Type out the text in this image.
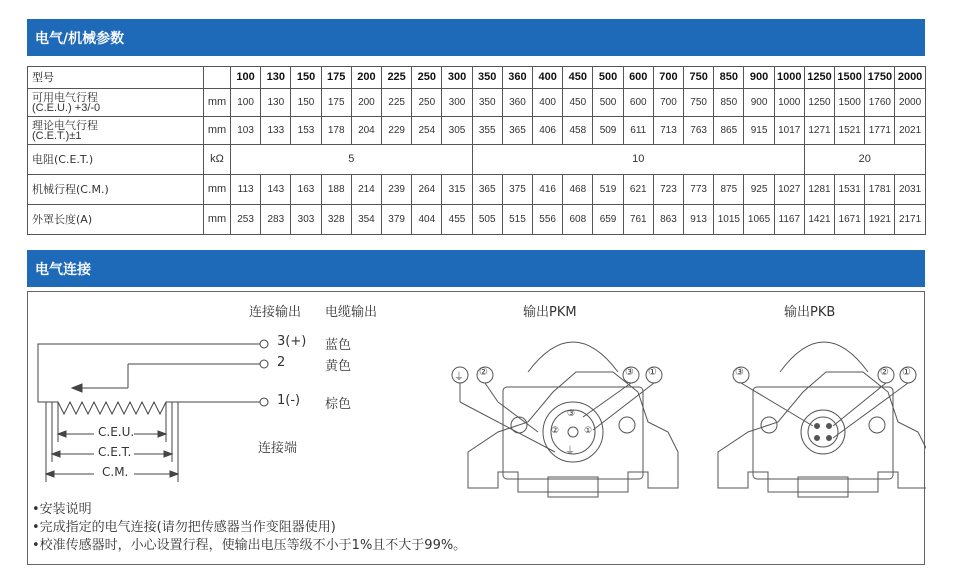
电气/机械参数
型号		100	130	150	175	200	225	250	300	350	360	400	450	500	600	700	750	850	900	1000	1250	1500	1750	2000

可用电气行程
(C.E.U.) +3/-0	mm	100	130	150	175	200	225	250	300	350	360	400	450	500	600	700	750	850	900	1000	1250	1500	1760	2000

理论电气行程
(C.E.T.)±1	mm	103	133	153	178	204	229	254	305	355	365	406	458	509	611	713	763	865	915	1017	1271	1521	1771	2021
电阻(C.E.T.)	kΩ	5								10											20			
机械行程(C.M.)	mm	113	143	163	188	214	239	264	315	365	375	416	468	519	621	723	773	875	925	1027	1281	1531	1781	2031
外罩长度(A)	mm	253	283	303	328	354	379	404	455	505	515	556	608	659	761	863	913	1015	1065	1167	1421	1671	1921	2171
电气连接
连接输出 电缆输出
3(+) 蓝色
2	黄色
1(-) 棕色
C.E.U.
C.E.T.
C.M.
连接端
输出PKM
②	③ ①
③
②	①
⏚
⏚
输出PKB
③	② ①
•安装说明
•完成指定的电气连接(请勿把传感器当作变阻器使用)
•校准传感器时，小心设置行程，使输出电压等级不小于1%且不大于99%。
